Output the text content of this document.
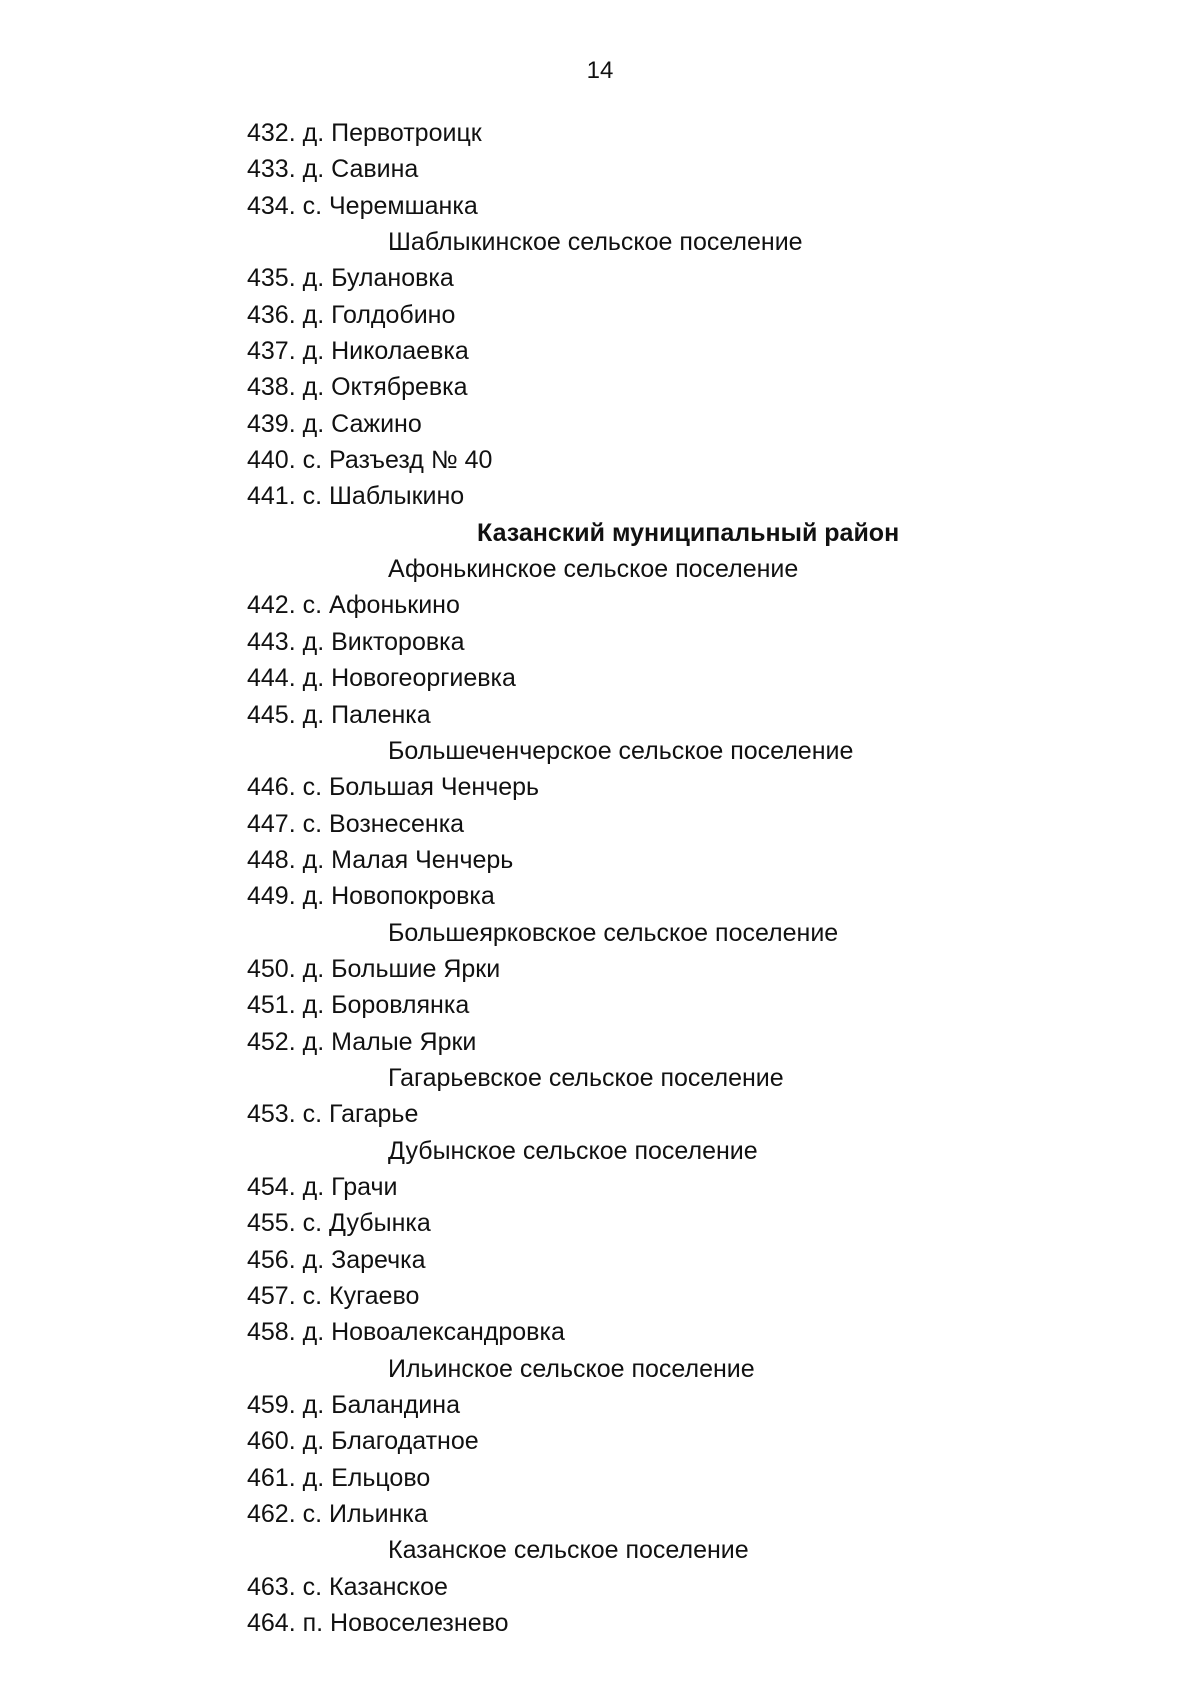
14
432. д. Первотроицк
433. д. Савина
434. с. Черемшанка
Шаблыкинское сельское поселение
435. д. Булановка
436. д. Голдобино
437. д. Николаевка
438. д. Октябревка
439. д. Сажино
440. с. Разъезд № 40
441. с. Шаблыкино
Казанский муниципальный район
Афонькинское сельское поселение
442. с. Афонькино
443. д. Викторовка
444. д. Новогеоргиевка
445. д. Паленка
Большеченчерское сельское поселение
446. с. Большая Ченчерь
447. с. Вознесенка
448. д. Малая Ченчерь
449. д. Новопокровка
Большеярковское сельское поселение
450. д. Большие Ярки
451. д. Боровлянка
452. д. Малые Ярки
Гагарьевское сельское поселение
453. с. Гагарье
Дубынское сельское поселение
454. д. Грачи
455. с. Дубынка
456. д. Заречка
457. с. Кугаево
458. д. Новоалександровка
Ильинское сельское поселение
459. д. Баландина
460. д. Благодатное
461. д. Ельцово
462. с. Ильинка
Казанское сельское поселение
463. с. Казанское
464. п. Новоселезнево
